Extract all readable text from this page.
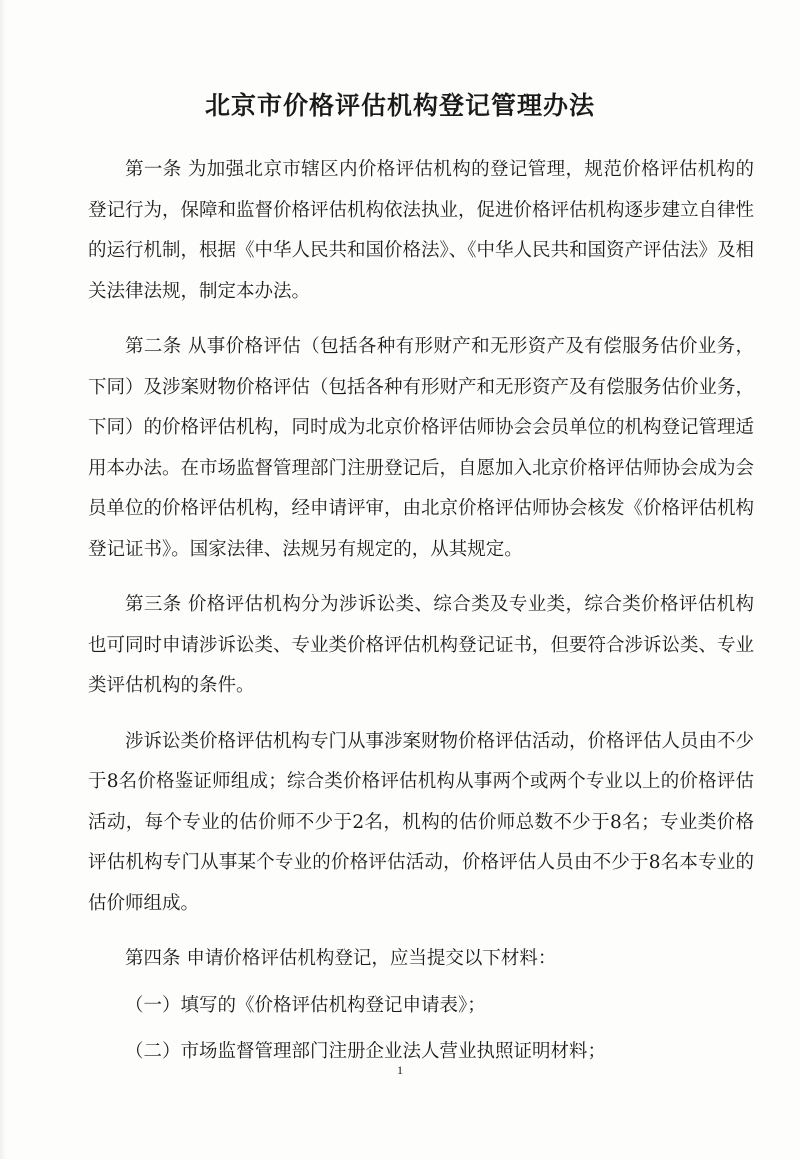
北京市价格评估机构登记管理办法

第一条 为加强北京市辖区内价格评估机构的登记管理，规范价格评估机构的登记行为，保障和监督价格评估机构依法执业，促进价格评估机构逐步建立自律性的运行机制，根据《中华人民共和国价格法》、《中华人民共和国资产评估法》及相关法律法规，制定本办法。

第二条 从事价格评估（包括各种有形财产和无形资产及有偿服务估价业务，下同）及涉案财物价格评估（包括各种有形财产和无形资产及有偿服务估价业务，下同）的价格评估机构，同时成为北京价格评估师协会会员单位的机构登记管理适用本办法。在市场监督管理部门注册登记后，自愿加入北京价格评估师协会成为会员单位的价格评估机构，经申请评审，由北京价格评估师协会核发《价格评估机构登记证书》。国家法律、法规另有规定的，从其规定。

第三条 价格评估机构分为涉诉讼类、综合类及专业类，综合类价格评估机构也可同时申请涉诉讼类、专业类价格评估机构登记证书，但要符合涉诉讼类、专业类评估机构的条件。

涉诉讼类价格评估机构专门从事涉案财物价格评估活动，价格评估人员由不少于8名价格鉴证师组成；综合类价格评估机构从事两个或两个专业以上的价格评估活动，每个专业的估价师不少于2名，机构的估价师总数不少于8名；专业类价格评估机构专门从事某个专业的价格评估活动，价格评估人员由不少于8名本专业的估价师组成。

第四条 申请价格评估机构登记，应当提交以下材料：

（一）填写的《价格评估机构登记申请表》；

（二）市场监督管理部门注册企业法人营业执照证明材料；

1
